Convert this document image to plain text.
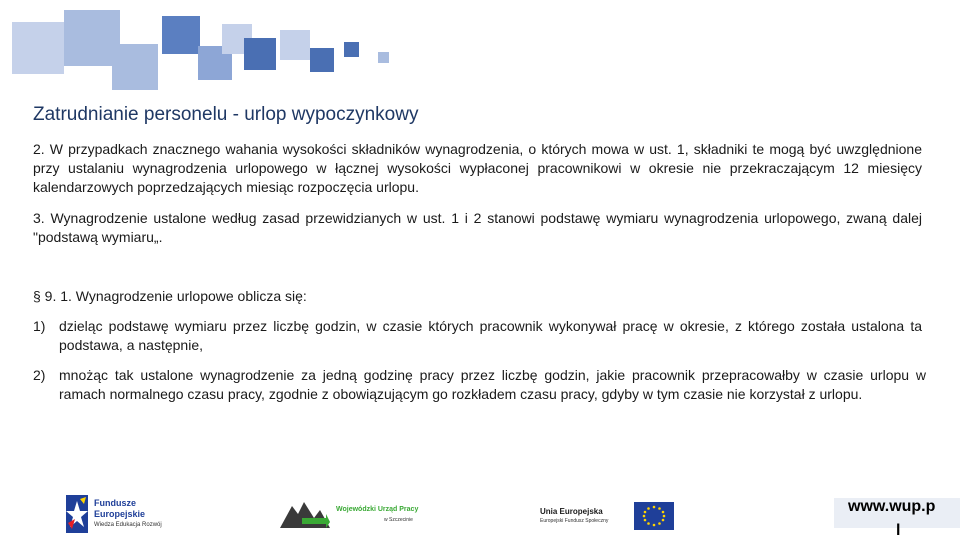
Zatrudnianie personelu - urlop wypoczynkowy
2. W przypadkach znacznego wahania wysokości składników wynagrodzenia, o których mowa w ust. 1, składniki te mogą być uwzględnione przy ustalaniu wynagrodzenia urlopowego w łącznej wysokości wypłaconej pracownikowi w okresie nie przekraczającym 12 miesięcy kalendarzowych poprzedzających miesiąc rozpoczęcia urlopu.
3. Wynagrodzenie ustalone według zasad przewidzianych w ust. 1 i 2 stanowi podstawę wymiaru wynagrodzenia urlopowego, zwaną dalej "podstawą wymiaru„.
§ 9. 1. Wynagrodzenie urlopowe oblicza się:
1) dzieląc podstawę wymiaru przez liczbę godzin, w czasie których pracownik wykonywał pracę w okresie, z którego została ustalona ta podstawa, a następnie,
2) mnożąc tak ustalone wynagrodzenie za jedną godzinę pracy przez liczbę godzin, jakie pracownik przepracowałby w czasie urlopu w ramach normalnego czasu pracy, zgodnie z obowiązującym go rozkładem czasu pracy, gdyby w tym czasie nie korzystał z urlopu.
Fundusze
Europejskie
Wiedza Edukacja Rozwój
Wojewódzki Urząd Pracy
w Szczecinie
Unia Europejska
Europejski Fundusz Społeczny
www.wup.p
l
